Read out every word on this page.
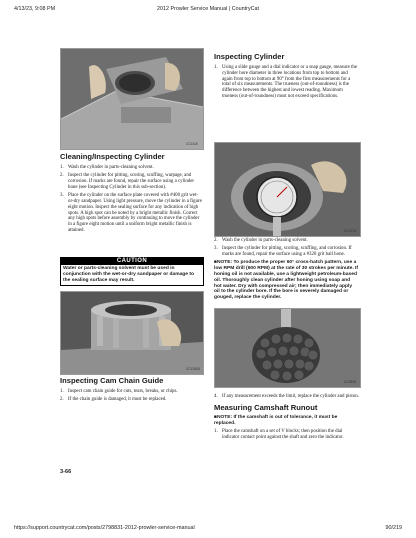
4/13/23, 9:08 PM	2012 Prowler Service Manual | CountryCat
CC1415
Cleaning/Inspecting Cylinder
1. Wash the cylinder in parts-cleaning solvent.
2. Inspect the cylinder for pitting, scoring, scuffing, warpage, and corrosion. If marks are found, repair the surface using a cylinder hone (see Inspecting Cylinder in this sub-section).
3. Place the cylinder on the surface plate covered with #400 grit wet-or-dry sandpaper. Using light pressure, move the cylinder in a figure eight motion. Inspect the sealing surface for any indication of high spots. A high spot can be noted by a bright metallic finish. Correct any high spots before assembly by continuing to move the cylinder in a figure eight motion until a uniform bright metallic finish is attained.
CAUTION
Water or parts-cleaning solvent must be used in conjunction with the wet-or-dry sandpaper or damage to the sealing surface may result.
CC1280D
Inspecting Cam Chain Guide
1. Inspect cam chain guide for cuts, tears, breaks, or chips.
2. If the chain guide is damaged, it must be replaced.
3-66
Inspecting Cylinder
1. Using a slide gauge and a dial indicator or a snap gauge, measure the cylinder bore diameter in three locations from top to bottom and again from top to bottom at 90° from the first measurements for a total of six measurements. The trueness (out-of-roundness) is the difference between the highest and lowest reading. Maximum trueness (out-of-roundness) must not exceed specifications.
CC127D
2. Wash the cylinder in parts-cleaning solvent.
3. Inspect the cylinder for pitting, scoring, scuffing, and corrosion. If marks are found, repair the surface using a #320 grit ball hone.

■NOTE: To produce the proper 60° cross-hatch pattern, use a low RPM drill (600 RPM) at the rate of 30 strokes per minute. If honing oil is not available, use a lightweight petroleum-based oil. Thoroughly clean cylinder after honing using soap and hot water. Dry with compressed air; then immediately apply oil to the cylinder bore. If the bore is severely damaged or gouged, replace the cylinder.

CC390D
4. If any measurement exceeds the limit, replace the cylinder and piston.
Measuring Camshaft Runout

■NOTE: If the camshaft is out of tolerance, it must be replaced.

1. Place the camshaft on a set of V blocks; then position the dial indicator contact point against the shaft and zero the indicator.
https://support.countrycat.com/posts/2798831-2012-prowler-service-manual	90/219
